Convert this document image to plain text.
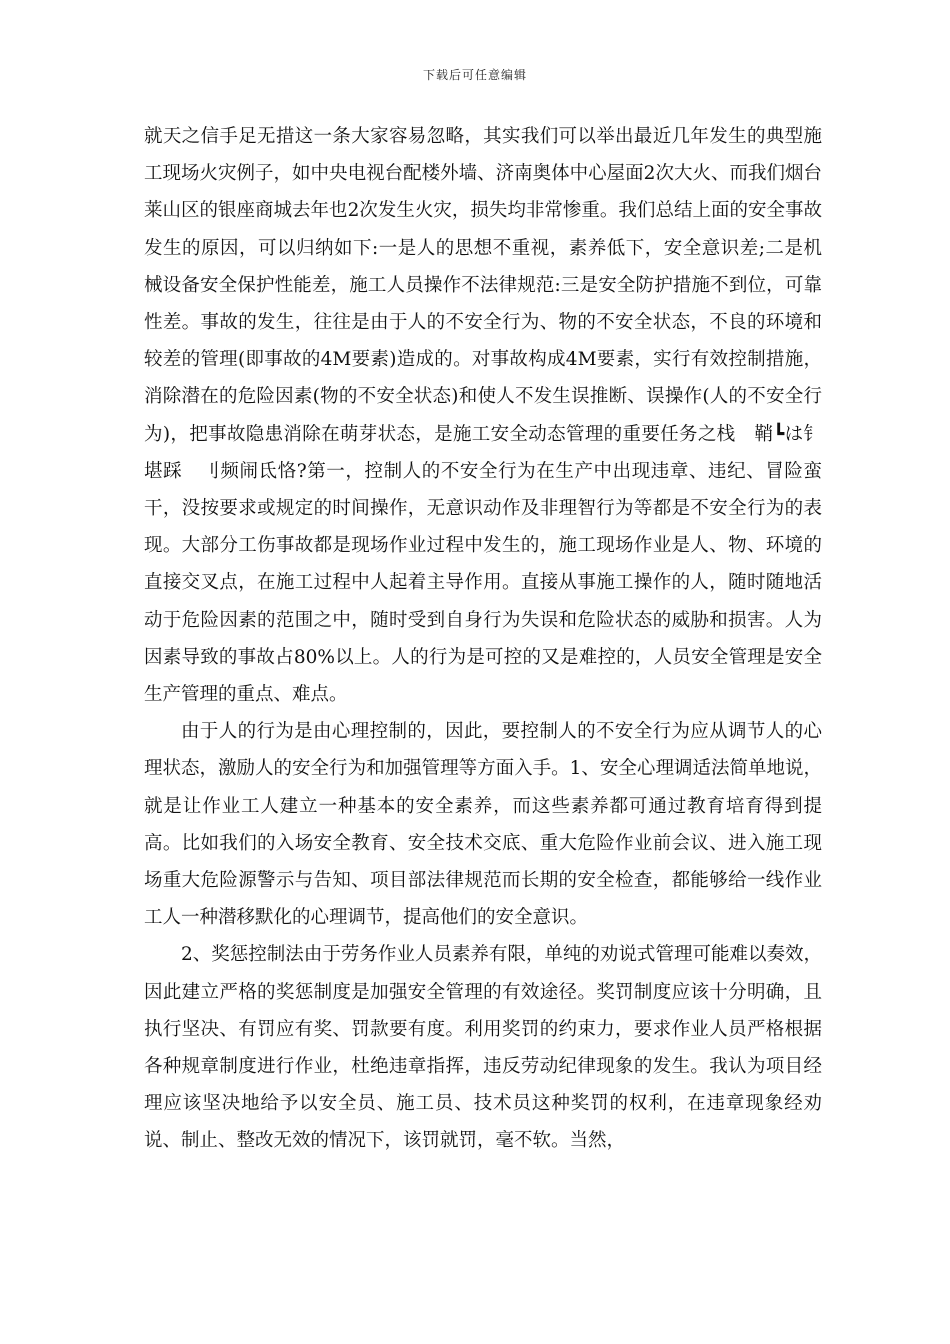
下载后可任意编辑

就天之信手足无措这一条大家容易忽略，其实我们可以举出最近几年发生的典型施工现场火灾例子，如中央电视台配楼外墙、济南奥体中心屋面2次大火、而我们烟台莱山区的银座商城去年也2次发生火灾，损失均非常惨重。我们总结上面的安全事故发生的原因，可以归纳如下:一是人的思想不重视，素养低下，安全意识差;二是机械设备安全保护性能差，施工人员操作不法律规范:三是安全防护措施不到位，可靠性差。事故的发生，往往是由于人的不安全行为、物的不安全状态，不良的环境和较差的管理(即事故的4M要素)造成的。对事故构成4M要素，实行有效控制措施，消除潜在的危险因素(物的不安全状态)和使人不发生误推断、误操作(人的不安全行为)，把事故隐患消除在萌芽状态，是施工安全动态管理的重要任务之栈　鞘┗は钅堪踩　刂频闹氐恪?第一，控制人的不安全行为在生产中出现违章、违纪、冒险蛮干，没按要求或规定的时间操作，无意识动作及非理智行为等都是不安全行为的表现。大部分工伤事故都是现场作业过程中发生的，施工现场作业是人、物、环境的直接交叉点，在施工过程中人起着主导作用。直接从事施工操作的人，随时随地活动于危险因素的范围之中，随时受到自身行为失误和危险状态的威胁和损害。人为因素导致的事故占80%以上。人的行为是可控的又是难控的，人员安全管理是安全生产管理的重点、难点。

由于人的行为是由心理控制的，因此，要控制人的不安全行为应从调节人的心理状态，激励人的安全行为和加强管理等方面入手。1、安全心理调适法简单地说，就是让作业工人建立一种基本的安全素养，而这些素养都可通过教育培育得到提高。比如我们的入场安全教育、安全技术交底、重大危险作业前会议、进入施工现场重大危险源警示与告知、项目部法律规范而长期的安全检查，都能够给一线作业工人一种潜移默化的心理调节，提高他们的安全意识。

2、奖惩控制法由于劳务作业人员素养有限，单纯的劝说式管理可能难以奏效，因此建立严格的奖惩制度是加强安全管理的有效途径。奖罚制度应该十分明确，且执行坚决、有罚应有奖、罚款要有度。利用奖罚的约束力，要求作业人员严格根据各种规章制度进行作业，杜绝违章指挥，违反劳动纪律现象的发生。我认为项目经理应该坚决地给予以安全员、施工员、技术员这种奖罚的权利，在违章现象经劝说、制止、整改无效的情况下，该罚就罚，毫不软。当然，
